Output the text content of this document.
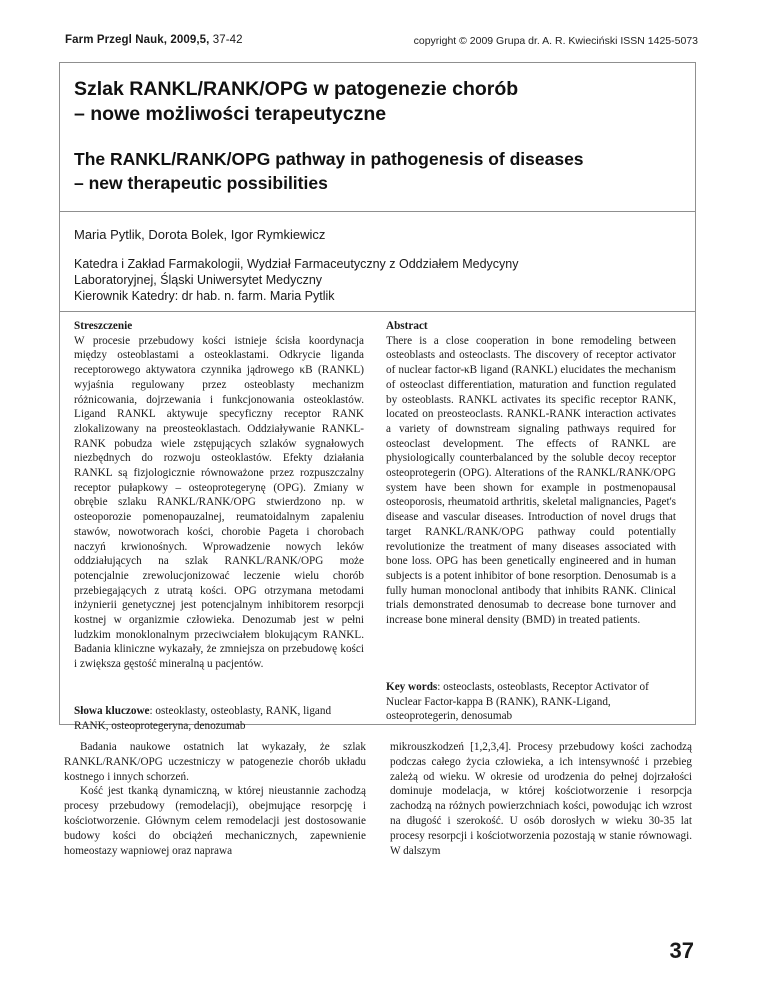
Farm Przegl Nauk, 2009,5, 37-42	copyright © 2009 Grupa dr. A. R. Kwieciński ISSN 1425-5073
Szlak RANKL/RANK/OPG w patogenezie chorób
– nowe możliwości terapeutyczne
The RANKL/RANK/OPG pathway in pathogenesis of diseases
– new therapeutic possibilities
Maria Pytlik, Dorota Bolek, Igor Rymkiewicz
Katedra i Zakład Farmakologii, Wydział Farmaceutyczny z Oddziałem Medycyny
Laboratoryjnej, Śląski Uniwersytet Medyczny
Kierownik Katedry: dr hab. n. farm. Maria Pytlik
Streszczenie
W procesie przebudowy kości istnieje ścisła koordynacja między osteoblastami a osteoklastami. Odkrycie liganda receptorowego aktywatora czynnika jądrowego κB (RANKL) wyjaśnia regulowany przez osteoblasty mechanizm różnicowania, dojrzewania i funkcjonowania osteoklastów. Ligand RANKL aktywuje specyficzny receptor RANK zlokalizowany na preosteoklastach. Oddziaływanie RANKL-RANK pobudza wiele zstępujących szlaków sygnałowych niezbędnych do rozwoju osteoklastów. Efekty działania RANKL są fizjologicznie równoważone przez rozpuszczalny receptor pułapkowy – osteoprotegerynę (OPG). Zmiany w obrębie szlaku RANKL/RANK/OPG stwierdzono np. w osteoporozie pomenopauzalnej, reumatoidalnym zapaleniu stawów, nowotworach kości, chorobie Pageta i chorobach naczyń krwionośnych. Wprowadzenie nowych leków oddziałujących na szlak RANKL/RANK/OPG może potencjalnie zrewolucjonizować leczenie wielu chorób przebiegających z utratą kości. OPG otrzymana metodami inżynierii genetycznej jest potencjalnym inhibitorem resorpcji kostnej w organizmie człowieka. Denozumab jest w pełni ludzkim monoklonalnym przeciwciałem blokującym RANKL. Badania kliniczne wykazały, że zmniejsza on przebudowę kości i zwiększa gęstość mineralną u pacjentów.
Słowa kluczowe: osteoklasty, osteoblasty, RANK, ligand RANK, osteoprotegeryna, denozumab
Abstract
There is a close cooperation in bone remodeling between osteoblasts and osteoclasts. The discovery of receptor activator of nuclear factor-κB ligand (RANKL) elucidates the mechanism of osteoclast differentiation, maturation and function regulated by osteoblasts. RANKL activates its specific receptor RANK, located on preosteoclasts. RANKL-RANK interaction activates a variety of downstream signaling pathways required for osteoclast development. The effects of RANKL are physiologically counterbalanced by the soluble decoy receptor osteoprotegerin (OPG). Alterations of the RANKL/RANK/OPG system have been shown for example in postmenopausal osteoporosis, rheumatoid arthritis, skeletal malignancies, Paget's disease and vascular diseases. Introduction of novel drugs that target RANKL/RANK/OPG pathway could potentially revolutionize the treatment of many diseases associated with bone loss. OPG has been genetically engineered and in human subjects is a potent inhibitor of bone resorption. Denosumab is a fully human monoclonal antibody that inhibits RANK. Clinical trials demonstrated denosumab to decrease bone turnover and increase bone mineral density (BMD) in treated patients.
Key words: osteoclasts, osteoblasts, Receptor Activator of Nuclear Factor-kappa B (RANK), RANK-Ligand, osteoprotegerin, denosumab

Badania naukowe ostatnich lat wykazały, że szlak RANKL/RANK/OPG uczestniczy w patogenezie chorób układu kostnego i innych schorzeń.

Kość jest tkanką dynamiczną, w której nieustannie zachodzą procesy przebudowy (remodelacji), obejmujące resorpcję i kościotworzenie. Głównym celem remodelacji jest dostosowanie budowy kości do obciążeń mechanicznych, zapewnienie homeostazy wapniowej oraz naprawa

mikrouszkodzeń [1,2,3,4]. Procesy przebudowy kości zachodzą podczas całego życia człowieka, a ich intensywność i przebieg zależą od wieku. W okresie od urodzenia do pełnej dojrzałości dominuje modelacja, w której kościotworzenie i resorpcja zachodzą na różnych powierzchniach kości, powodując ich wzrost na długość i szerokość. U osób dorosłych w wieku 30-35 lat procesy resorpcji i kościotworzenia pozostają w stanie równowagi. W dalszym

37
